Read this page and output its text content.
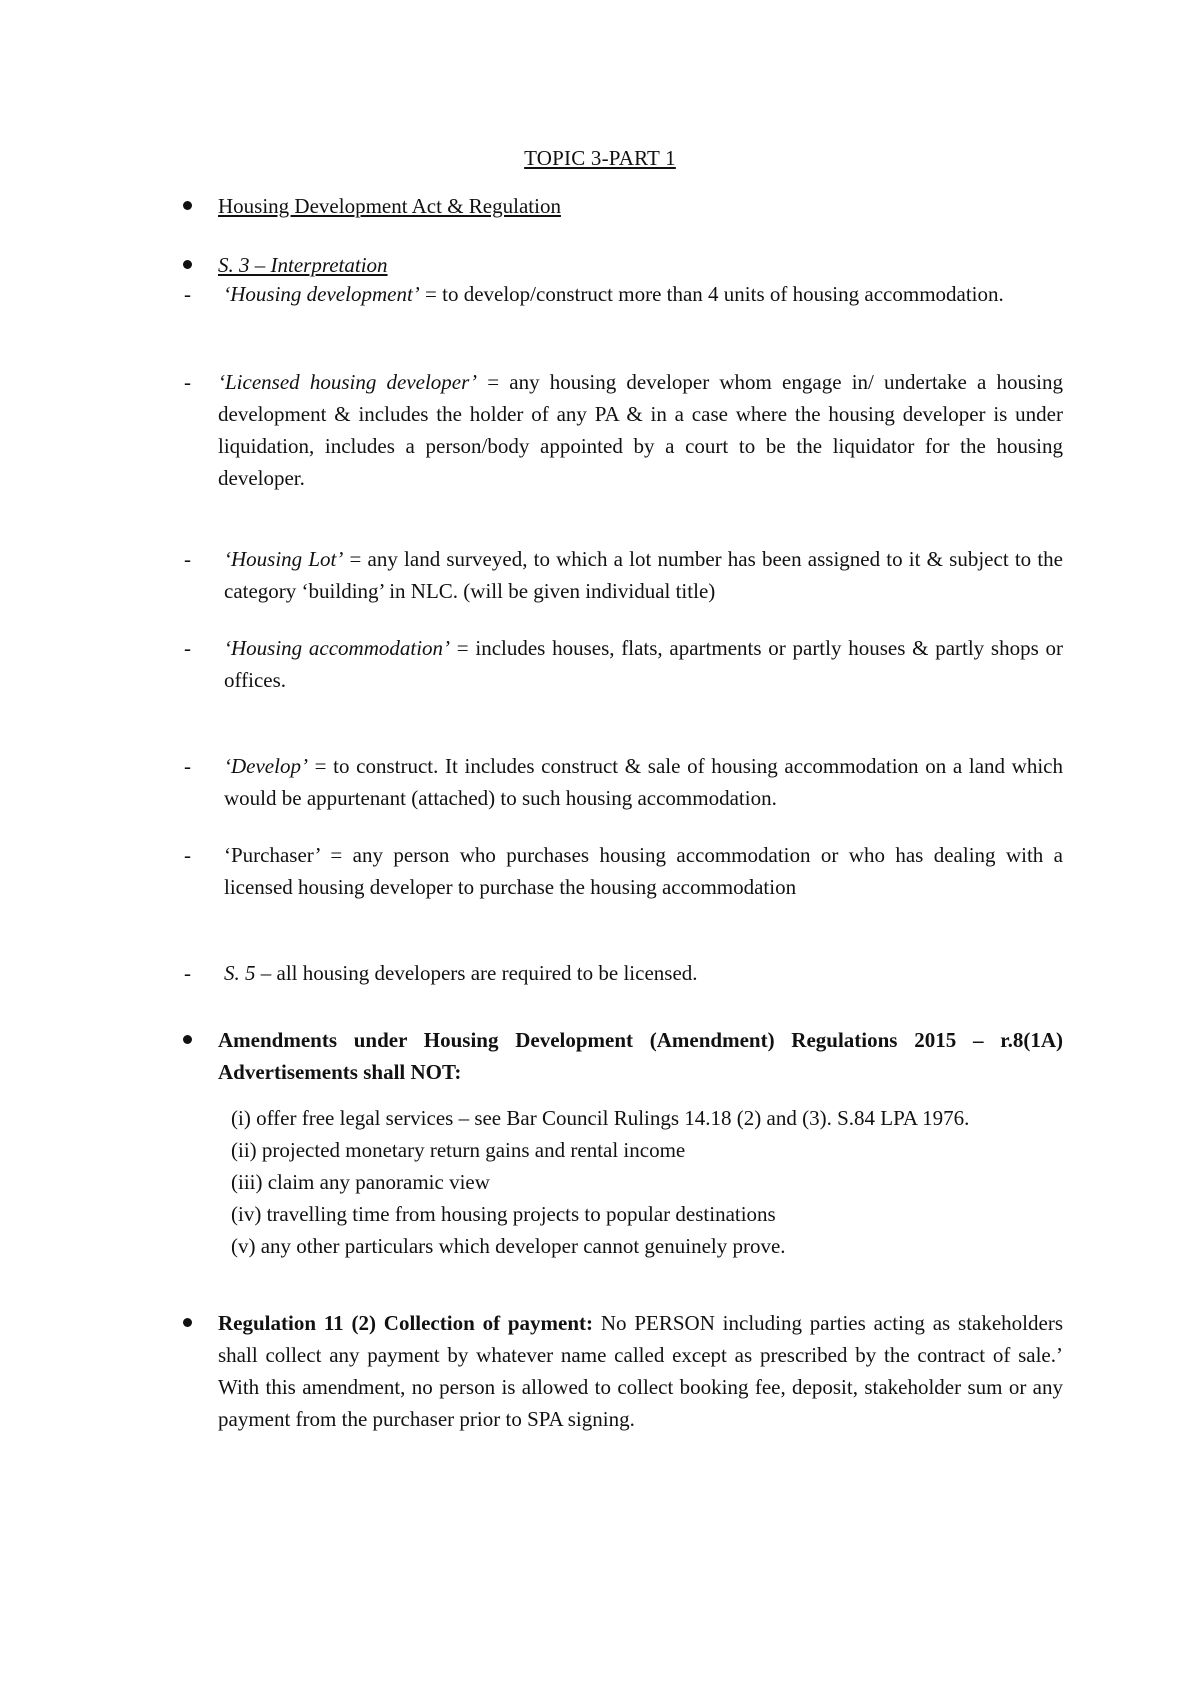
TOPIC 3-PART 1
Housing Development Act & Regulation
S. 3 – Interpretation
- ‘Housing development’ = to develop/construct more than 4 units of housing accommodation.

- ‘Licensed housing developer’ = any housing developer whom engage in/ undertake a housing development & includes the holder of any PA & in a case where the housing developer is under liquidation, includes a person/body appointed by a court to be the liquidator for the housing developer.

- ‘Housing Lot’ = any land surveyed, to which a lot number has been assigned to it & subject to the category ‘building’ in NLC. (will be given individual title)

- ‘Housing accommodation’ = includes houses, flats, apartments or partly houses & partly shops or offices.

- ‘Develop’ = to construct. It includes construct & sale of housing accommodation on a land which would be appurtenant (attached) to such housing accommodation.

- ‘Purchaser’ = any person who purchases housing accommodation or who has dealing with a licensed housing developer to purchase the housing accommodation

- S. 5 – all housing developers are required to be licensed.

Amendments under Housing Development (Amendment) Regulations 2015 – r.8(1A) Advertisements shall NOT:

(i) offer free legal services – see Bar Council Rulings 14.18 (2) and (3). S.84 LPA 1976.

(ii) projected monetary return gains and rental income

(iii) claim any panoramic view

(iv) travelling time from housing projects to popular destinations

(v) any other particulars which developer cannot genuinely prove.

Regulation 11 (2) Collection of payment: No PERSON including parties acting as stakeholders shall collect any payment by whatever name called except as prescribed by the contract of sale.’ With this amendment, no person is allowed to collect booking fee, deposit, stakeholder sum or any payment from the purchaser prior to SPA signing.
